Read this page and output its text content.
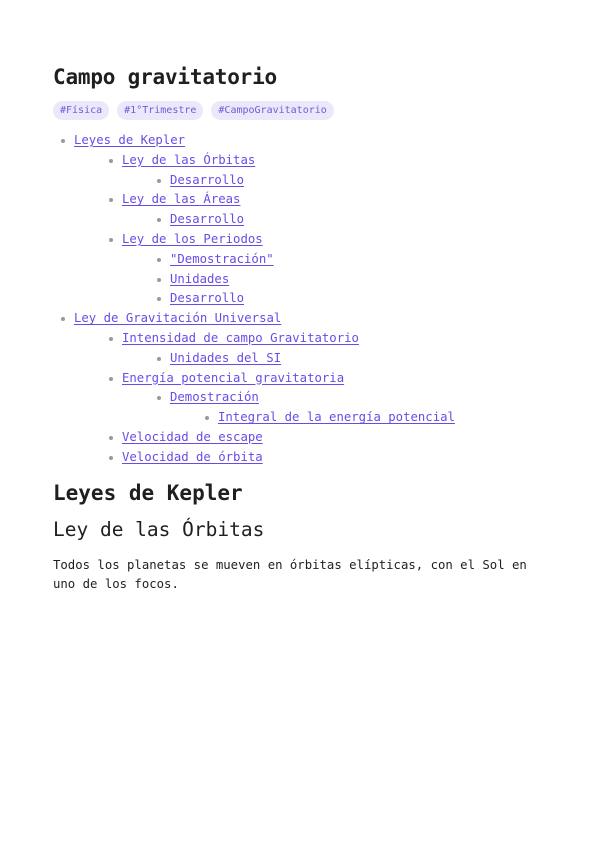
Campo gravitatorio
#Física	#1°Trimestre	#CampoGravitatorio
Leyes de Kepler
Ley de las Órbitas
Desarrollo
Ley de las Áreas
Desarrollo
Ley de los Periodos
"Demostración"
Unidades
Desarrollo
Ley de Gravitación Universal
Intensidad de campo Gravitatorio
Unidades del SI
Energía potencial gravitatoria
Demostración
Integral de la energía potencial
Velocidad de escape
Velocidad de órbita
Leyes de Kepler
Ley de las Órbitas

Todos los planetas se mueven en órbitas elípticas, con el Sol en uno de los focos.
